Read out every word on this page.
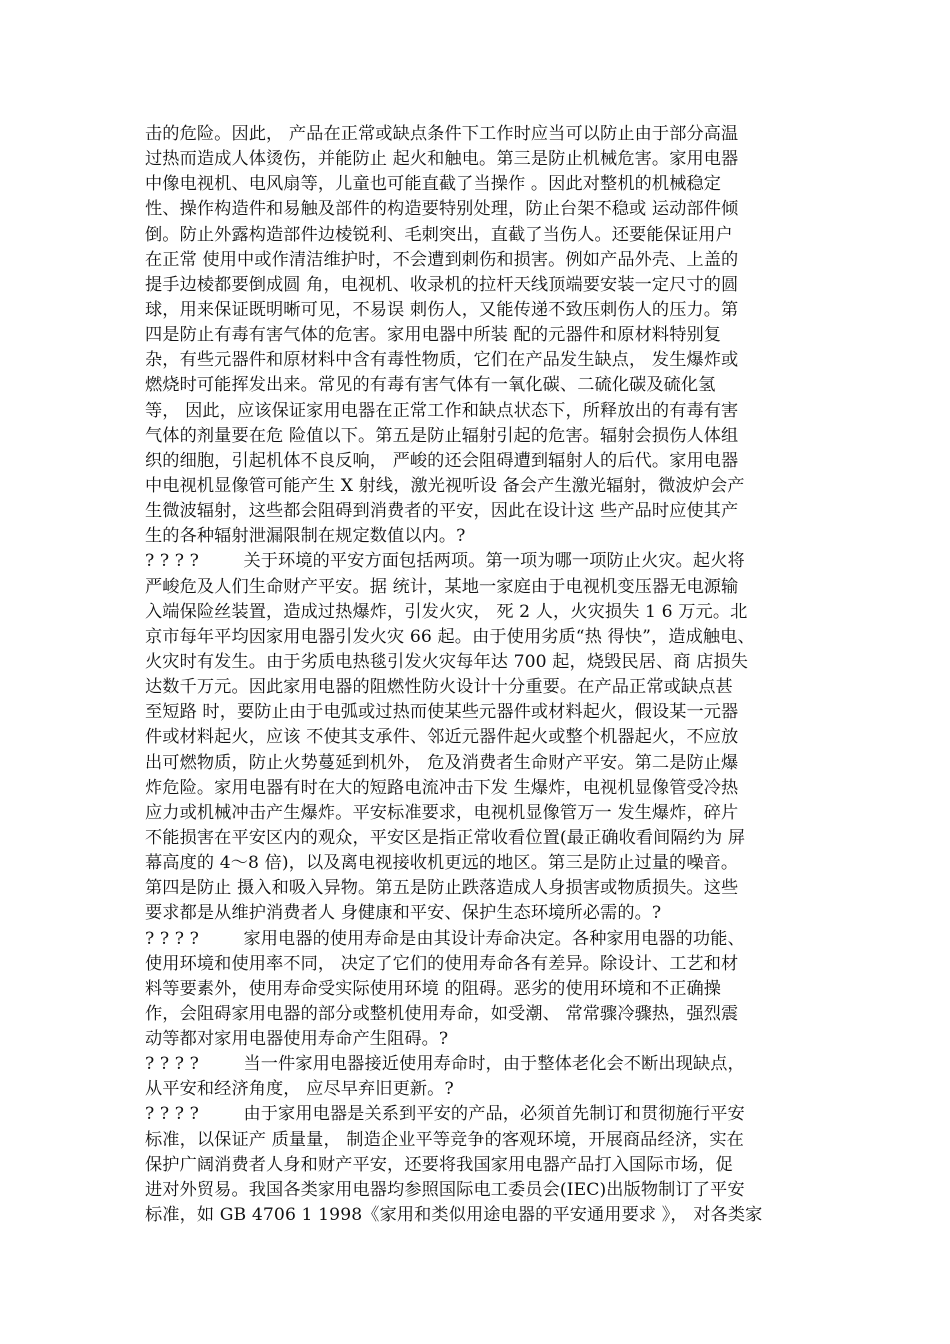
击的危险。因此， 产品在正常或缺点条件下工作时应当可以防止由于部分高温
过热而造成人体烫伤，并能防止 起火和触电。第三是防止机械危害。家用电器
中像电视机、电风扇等，儿童也可能直截了当操作 。因此对整机的机械稳定
性、操作构造件和易触及部件的构造要特别处理，防止台架不稳或 运动部件倾
倒。防止外露构造部件边棱锐利、毛刺突出，直截了当伤人。还要能保证用户
在正常 使用中或作清洁维护时，不会遭到刺伤和损害。例如产品外壳、上盖的
提手边棱都要倒成圆 角，电视机、收录机的拉杆天线顶端要安装一定尺寸的圆
球，用来保证既明晰可见，不易误 刺伤人，又能传递不致压刺伤人的压力。第
四是防止有毒有害气体的危害。家用电器中所装 配的元器件和原材料特别复
杂，有些元器件和原材料中含有毒性物质，它们在产品发生缺点， 发生爆炸或
燃烧时可能挥发出来。常见的有毒有害气体有一氧化碳、二硫化碳及硫化氢
等， 因此，应该保证家用电器在正常工作和缺点状态下，所释放出的有毒有害
气体的剂量要在危 险值以下。第五是防止辐射引起的危害。辐射会损伤人体组
织的细胞，引起机体不良反响， 严峻的还会阻碍遭到辐射人的后代。家用电器
中电视机显像管可能产生 X 射线，激光视听设 备会产生激光辐射，微波炉会产
生微波辐射，这些都会阻碍到消费者的平安，因此在设计这 些产品时应使其产
生的各种辐射泄漏限制在规定数值以内。?
? ? ? ?        关于环境的平安方面包括两项。第一项为哪一项防止火灾。起火将
严峻危及人们生命财产平安。据 统计，某地一家庭由于电视机变压器无电源输
入端保险丝装置，造成过热爆炸，引发火灾， 死 2 人，火灾损失 1 6 万元。北
京市每年平均因家用电器引发火灾 66 起。由于使用劣质“热 得快”，造成触电、
火灾时有发生。由于劣质电热毯引发火灾每年达 700 起，烧毁民居、商 店损失
达数千万元。因此家用电器的阻燃性防火设计十分重要。在产品正常或缺点甚
至短路 时，要防止由于电弧或过热而使某些元器件或材料起火，假设某一元器
件或材料起火，应该 不使其支承件、邻近元器件起火或整个机器起火，不应放
出可燃物质，防止火势蔓延到机外， 危及消费者生命财产平安。第二是防止爆
炸危险。家用电器有时在大的短路电流冲击下发 生爆炸，电视机显像管受冷热
应力或机械冲击产生爆炸。平安标准要求，电视机显像管万一 发生爆炸，碎片
不能损害在平安区内的观众，平安区是指正常收看位置(最正确收看间隔约为 屏
幕高度的 4～8 倍)，以及离电视接收机更远的地区。第三是防止过量的噪音。
第四是防止 摄入和吸入异物。第五是防止跌落造成人身损害或物质损失。这些
要求都是从维护消费者人 身健康和平安、保护生态环境所必需的。?
? ? ? ?        家用电器的使用寿命是由其设计寿命决定。各种家用电器的功能、
使用环境和使用率不同， 决定了它们的使用寿命各有差异。除设计、工艺和材
料等要素外，使用寿命受实际使用环境 的阻碍。恶劣的使用环境和不正确操
作，会阻碍家用电器的部分或整机使用寿命，如受潮、 常常骤冷骤热，强烈震
动等都对家用电器使用寿命产生阻碍。?
? ? ? ?        当一件家用电器接近使用寿命时，由于整体老化会不断出现缺点，
从平安和经济角度， 应尽早弃旧更新。?
? ? ? ?        由于家用电器是关系到平安的产品，必须首先制订和贯彻施行平安
标准，以保证产 质量量， 制造企业平等竞争的客观环境，开展商品经济，实在
保护广阔消费者人身和财产平安，还要将我国家用电器产品打入国际市场，促
进对外贸易。我国各类家用电器均参照国际电工委员会(IEC)出版物制订了平安
标准，如 GB 4706 1 1998《家用和类似用途电器的平安通用要求 》， 对各类家
